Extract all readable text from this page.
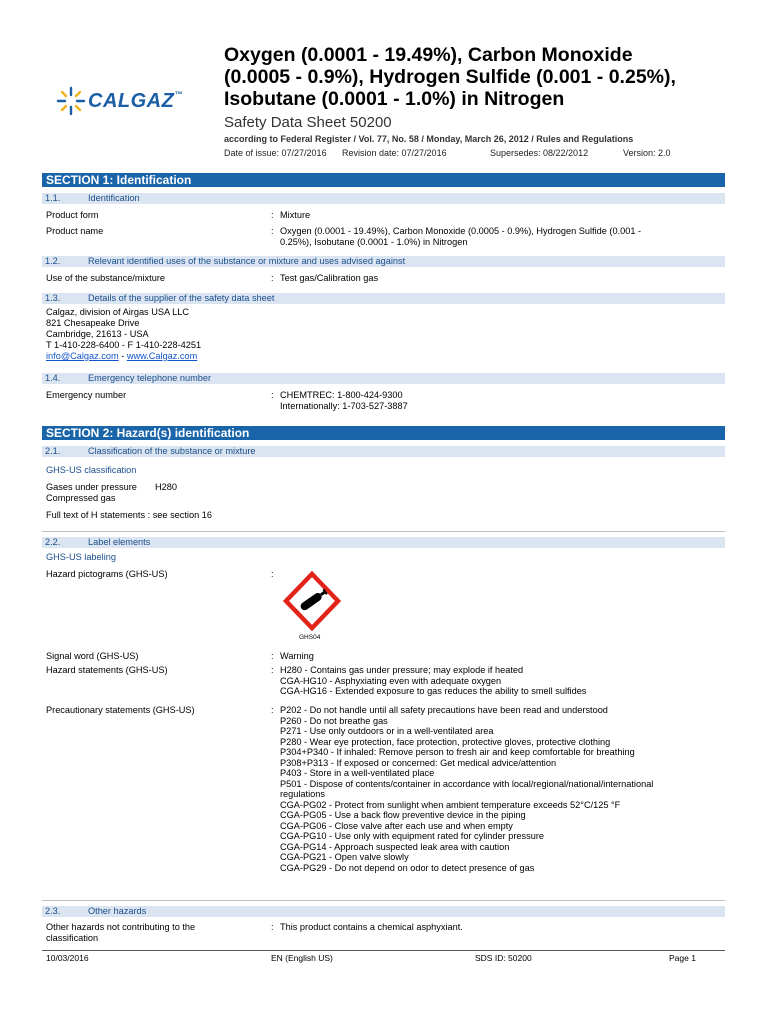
CALGAZ™
Oxygen (0.0001 - 19.49%), Carbon Monoxide
(0.0005 - 0.9%), Hydrogen Sulfide (0.001 - 0.25%),
Isobutane (0.0001 - 1.0%) in Nitrogen
Safety Data Sheet 50200
according to Federal Register / Vol. 77, No. 58 / Monday, March 26, 2012 / Rules and Regulations
Date of issue: 07/27/2016 Revision date: 07/27/2016	Supersedes: 08/22/2012	Version: 2.0
SECTION 1: Identification
1.1.	Identification
Product form	: Mixture
Product name	: Oxygen (0.0001 - 19.49%), Carbon Monoxide (0.0005 - 0.9%), Hydrogen Sulfide (0.001 -
0.25%), Isobutane (0.0001 - 1.0%) in Nitrogen
1.2.	Relevant identified uses of the substance or mixture and uses advised against
Use of the substance/mixture	: Test gas/Calibration gas
1.3.	Details of the supplier of the safety data sheet
Calgaz, division of Airgas USA LLC
821 Chesapeake Drive
Cambridge, 21613 - USA
T 1-410-228-6400 - F 1-410-228-4251
info@Calgaz.com - www.Calgaz.com
1.4.	Emergency telephone number
Emergency number	: CHEMTREC: 1-800-424-9300
Internationally: 1-703-527-3887
SECTION 2: Hazard(s) identification
2.1.	Classification of the substance or mixture
GHS-US classification
Gases under pressure H280
Compressed gas
Full text of H statements : see section 16
2.2.	Label elements
GHS-US labeling
Hazard pictograms (GHS-US)	:
GHS04
Signal word (GHS-US)	: Warning
Hazard statements (GHS-US)	: H280 - Contains gas under pressure; may explode if heated
CGA-HG10 - Asphyxiating even with adequate oxygen
CGA-HG16 - Extended exposure to gas reduces the ability to smell sulfides
Precautionary statements (GHS-US)	: P202 - Do not handle until all safety precautions have been read and understood
P260 - Do not breathe gas
P271 - Use only outdoors or in a well-ventilated area
P280 - Wear eye protection, face protection, protective gloves, protective clothing
P304+P340 - If inhaled: Remove person to fresh air and keep comfortable for breathing
P308+P313 - If exposed or concerned: Get medical advice/attention
P403 - Store in a well-ventilated place
P501 - Dispose of contents/container in accordance with local/regional/national/international
regulations
CGA-PG02 - Protect from sunlight when ambient temperature exceeds 52°C/125 °F
CGA-PG05 - Use a back flow preventive device in the piping
CGA-PG06 - Close valve after each use and when empty
CGA-PG10 - Use only with equipment rated for cylinder pressure
CGA-PG14 - Approach suspected leak area with caution
CGA-PG21 - Open valve slowly
CGA-PG29 - Do not depend on odor to detect presence of gas
2.3.	Other hazards
Other hazards not contributing to the
classification
: This product contains a chemical asphyxiant.
10/03/2016	EN (English US)	SDS ID: 50200	Page 1
